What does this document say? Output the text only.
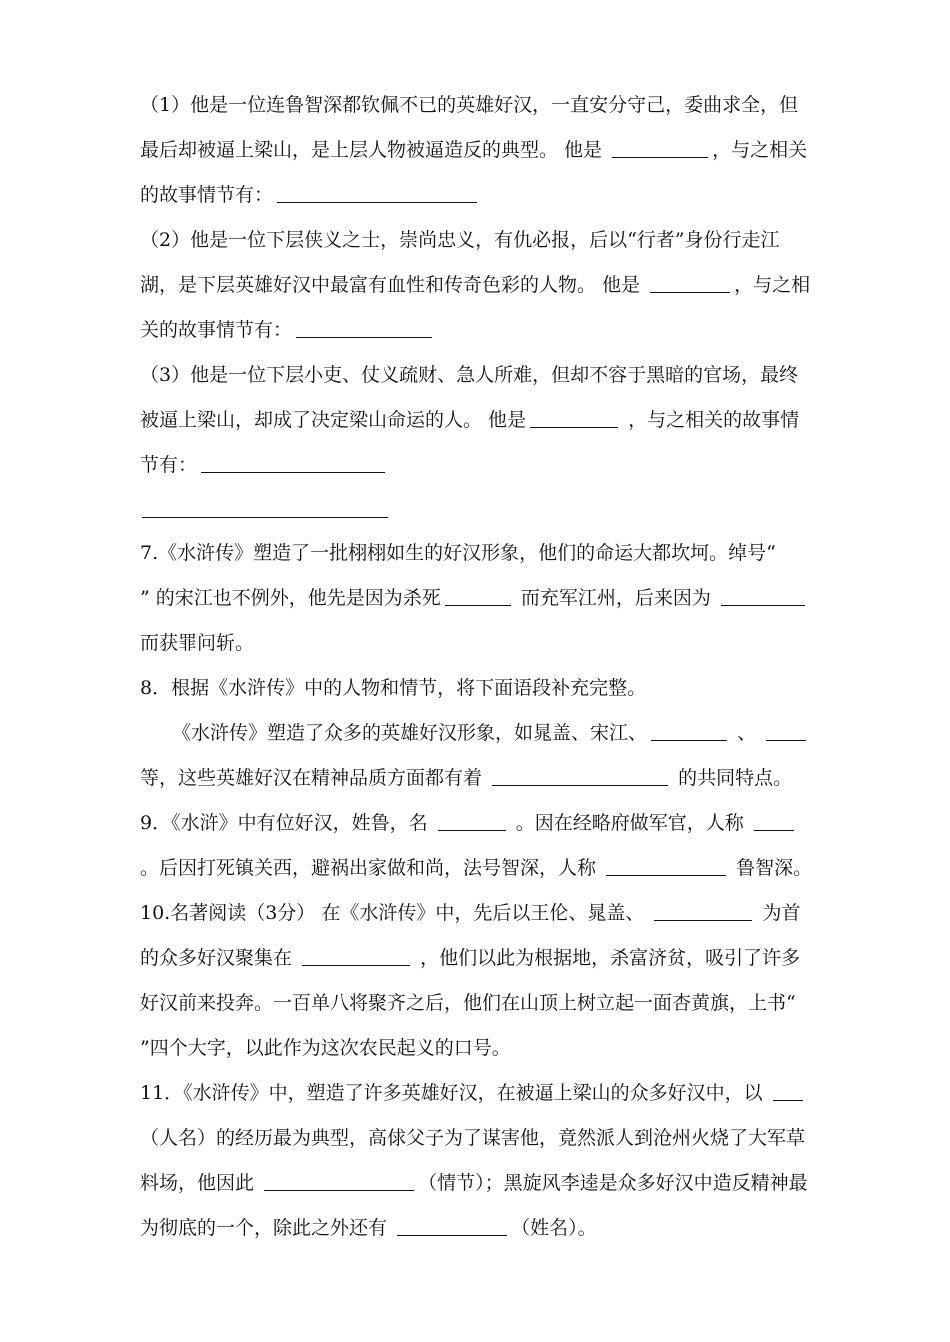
（1）他是一位连鲁智深都钦佩不已的英雄好汉，一直安分守己，委曲求全，但
最后却被逼上梁山，是上层人物被逼造反的典型。 他是	，与之相关
的故事情节有：
（2）他是一位下层侠义之士，崇尚忠义，有仇必报，后以“行者”身份行走江
湖，是下层英雄好汉中最富有血性和传奇色彩的人物。 他是	，与之相
关的故事情节有：
（3）他是一位下层小吏、仗义疏财、急人所难，但却不容于黑暗的官场，最终
被逼上梁山，却成了决定梁山命运的人。 他是	，与之相关的故事情
节有：
7.《水浒传》塑造了一批栩栩如生的好汉形象，他们的命运大都坎坷。绰号“
” 的宋江也不例外，他先是因为杀死	而充军江州，后来因为
而获罪问斩。
8．根据《水浒传》中的人物和情节，将下面语段补充完整。
《水浒传》塑造了众多的英雄好汉形象，如晁盖、宋江、	、
等，这些英雄好汉在精神品质方面都有着	的共同特点。
9．《水浒》中有位好汉，姓鲁，名	。因在经略府做军官，人称
。后因打死镇关西，避祸出家做和尚，法号智深，人称	鲁智深。
10.名著阅读（3分） 在《水浒传》中，先后以王伦、晁盖、	为首
的众多好汉聚集在	，他们以此为根据地，杀富济贫，吸引了许多
好汉前来投奔。一百单八将聚齐之后，他们在山顶上树立起一面杏黄旗，上书“
”四个大字，以此作为这次农民起义的口号。
11．《水浒传》中，塑造了许多英雄好汉，在被逼上梁山的众多好汉中，以
（人名）的经历最为典型，高俅父子为了谋害他，竟然派人到沧州火烧了大军草
料场，他因此	（情节）；黑旋风李逵是众多好汉中造反精神最
为彻底的一个，除此之外还有	（姓名）。
